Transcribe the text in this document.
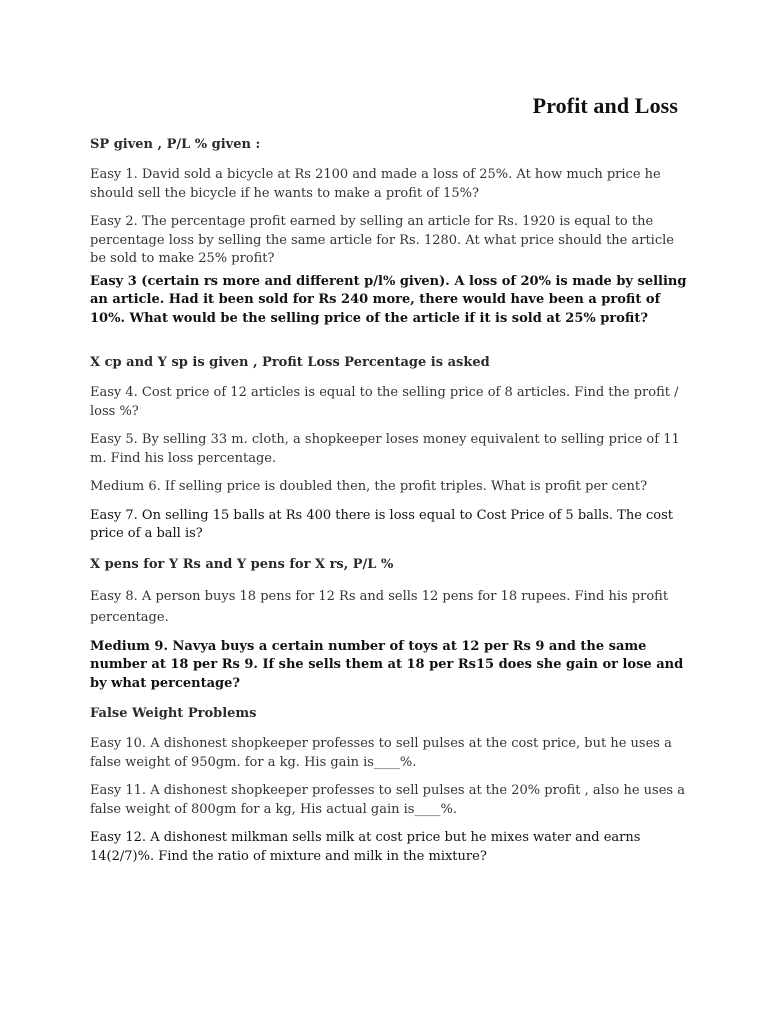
Profit and Loss
SP given , P/L % given :
Easy 1. David sold a bicycle at Rs 2100 and made a loss of 25%. At how much price he should sell the bicycle if he wants to make a profit of 15%?
Easy 2. The percentage profit earned by selling an article for Rs. 1920 is equal to the percentage loss by selling the same article for Rs. 1280. At what price should the article be sold to make 25% profit?
Easy 3 (certain rs more and different p/l% given). A loss of 20% is made by selling an article. Had it been sold for Rs 240 more, there would have been a profit of 10%. What would be the selling price of the article if it is sold at 25% profit?
X cp and Y sp is given , Profit Loss Percentage is asked
Easy 4. Cost price of 12 articles is equal to the selling price of 8 articles. Find the profit / loss %?
Easy 5. By selling 33 m. cloth, a shopkeeper loses money equivalent to selling price of 11 m. Find his loss percentage.
Medium 6. If selling price is doubled then, the profit triples. What is profit per cent?
Easy 7. On selling 15 balls at Rs 400 there is loss equal to Cost Price of 5 balls. The cost price of a ball is?
X pens for Y Rs and Y pens for X rs, P/L %
Easy 8. A person buys 18 pens for 12 Rs and sells 12 pens for 18 rupees. Find his profit percentage.
Medium 9. Navya buys a certain number of toys at 12 per Rs 9 and the same number at 18 per Rs 9. If she sells them at 18 per Rs15 does she gain or lose and by what percentage?
False Weight Problems
Easy 10. A dishonest shopkeeper professes to sell pulses at the cost price, but he uses a false weight of 950gm. for a kg. His gain is____%.
Easy 11. A dishonest shopkeeper professes to sell pulses at the 20% profit , also he uses a false weight of 800gm for a kg, His actual gain is____%.
Easy 12. A dishonest milkman sells milk at cost price but he mixes water and earns 14(2/7)%. Find the ratio of mixture and milk in the mixture?
